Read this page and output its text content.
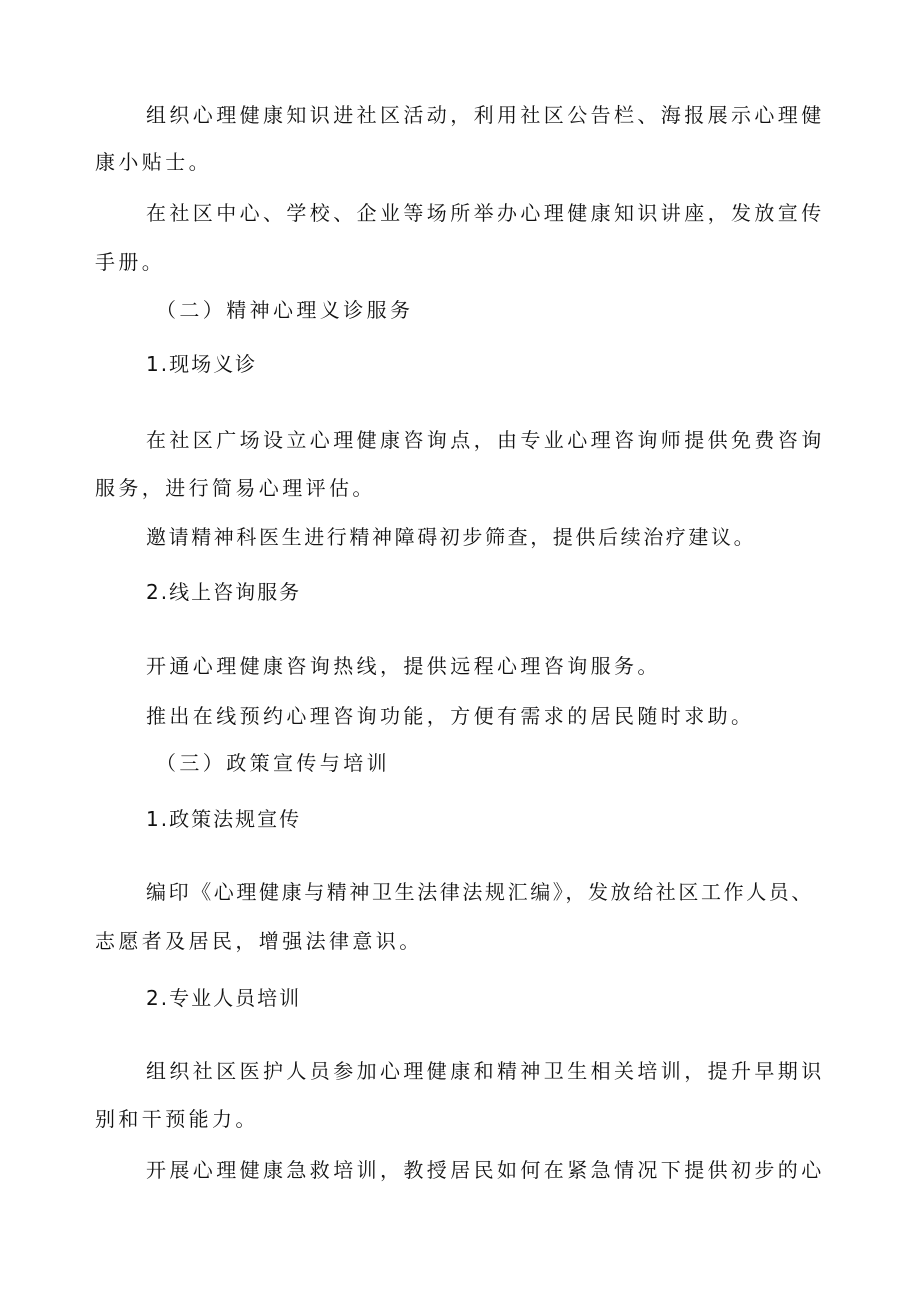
组织心理健康知识进社区活动，利用社区公告栏、海报展示心理健
康小贴士。
在社区中心、学校、企业等场所举办心理健康知识讲座，发放宣传
手册。
（二）精神心理义诊服务
1.现场义诊
在社区广场设立心理健康咨询点，由专业心理咨询师提供免费咨询
服务，进行简易心理评估。
邀请精神科医生进行精神障碍初步筛查，提供后续治疗建议。
2.线上咨询服务
开通心理健康咨询热线，提供远程心理咨询服务。
推出在线预约心理咨询功能，方便有需求的居民随时求助。
（三）政策宣传与培训
1.政策法规宣传
编印《心理健康与精神卫生法律法规汇编》，发放给社区工作人员、
志愿者及居民，增强法律意识。
2.专业人员培训
组织社区医护人员参加心理健康和精神卫生相关培训，提升早期识
别和干预能力。
开展心理健康急救培训，教授居民如何在紧急情况下提供初步的心
